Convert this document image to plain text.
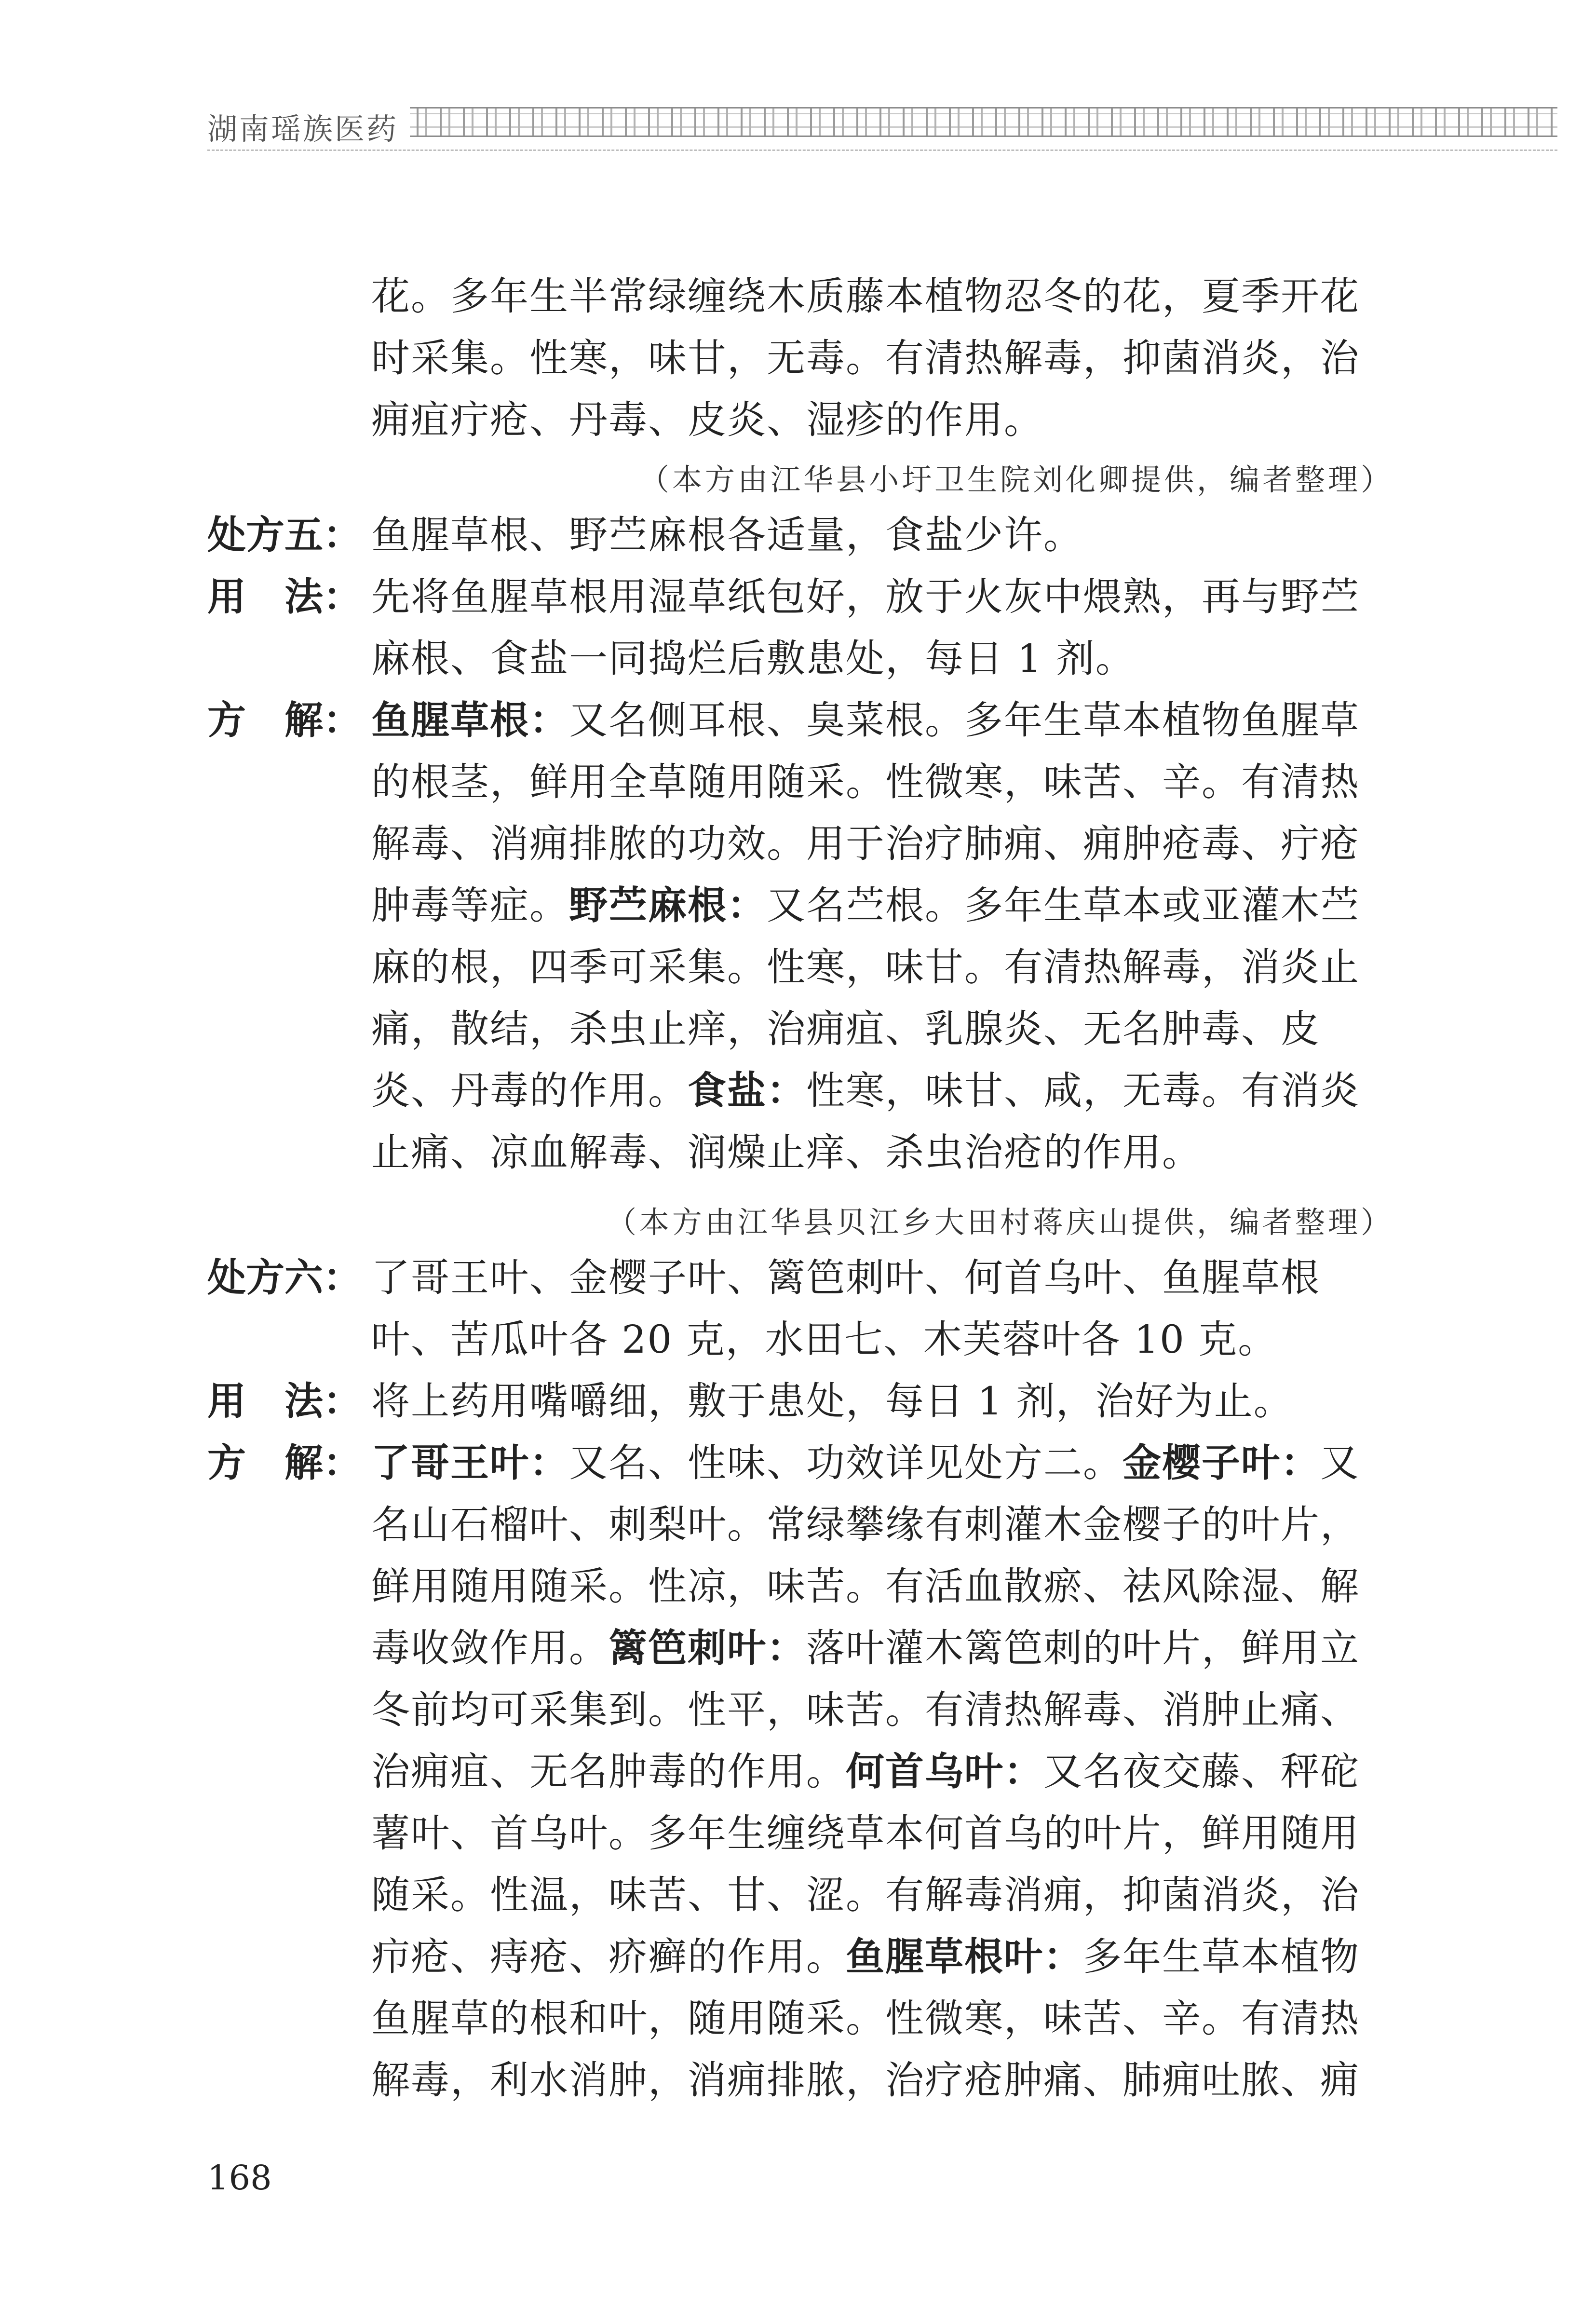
湖南瑶族医药
花。多年生半常绿缠绕木质藤本植物忍冬的花，夏季开花
时采集。性寒，味甘，无毒。有清热解毒，抑菌消炎，治
痈疽疔疮、丹毒、皮炎、湿疹的作用。
（本方由江华县小圩卫生院刘化卿提供，编者整理）
处方五 ： 鱼腥草根、野苎麻根各适量，食盐少许。
用 法 ： 先将鱼腥草根用湿草纸包好，放于火灰中煨熟，再与野苎
麻根、食盐一同捣烂后敷患处，每日 1 剂。
方 解 ： 鱼腥草根：又名侧耳根、臭菜根。多年生草本植物鱼腥草
的根茎，鲜用全草随用随采。性微寒，味苦、辛。有清热
解毒、消痈排脓的功效。用于治疗肺痈、痈肿疮毒、疔疮
肿毒等症。野苎麻根：又名苎根。多年生草本或亚灌木苎
麻的根，四季可采集。性寒，味甘。有清热解毒，消炎止
痛，散结，杀虫止痒，治痈疽、乳腺炎、无名肿毒、皮
炎、丹毒的作用。食盐：性寒，味甘、咸，无毒。有消炎
止痛、凉血解毒、润燥止痒、杀虫治疮的作用。
（本方由江华县贝江乡大田村蒋庆山提供，编者整理）
处方六 ： 了哥王叶、金樱子叶、篱笆刺叶、何首乌叶、鱼腥草根
叶、苦瓜叶各 20 克，水田七、木芙蓉叶各 10 克。
用 法 ： 将上药用嘴嚼细，敷于患处，每日 1 剂，治好为止。
方 解 ： 了哥王叶：又名、性味、功效详见处方二。金樱子叶：又
名山石榴叶、刺梨叶。常绿攀缘有刺灌木金樱子的叶片，
鲜用随用随采。性凉，味苦。有活血散瘀、祛风除湿、解
毒收敛作用。篱笆刺叶：落叶灌木篱笆刺的叶片，鲜用立
冬前均可采集到。性平，味苦。有清热解毒、消肿止痛、
治痈疽、无名肿毒的作用。何首乌叶：又名夜交藤、秤砣
薯叶、首乌叶。多年生缠绕草本何首乌的叶片，鲜用随用
随采。性温，味苦、甘、涩。有解毒消痈，抑菌消炎，治
疖疮、痔疮、疥癣的作用。鱼腥草根叶：多年生草本植物
鱼腥草的根和叶，随用随采。性微寒，味苦、辛。有清热
解毒，利水消肿，消痈排脓，治疗疮肿痛、肺痈吐脓、痈
168
